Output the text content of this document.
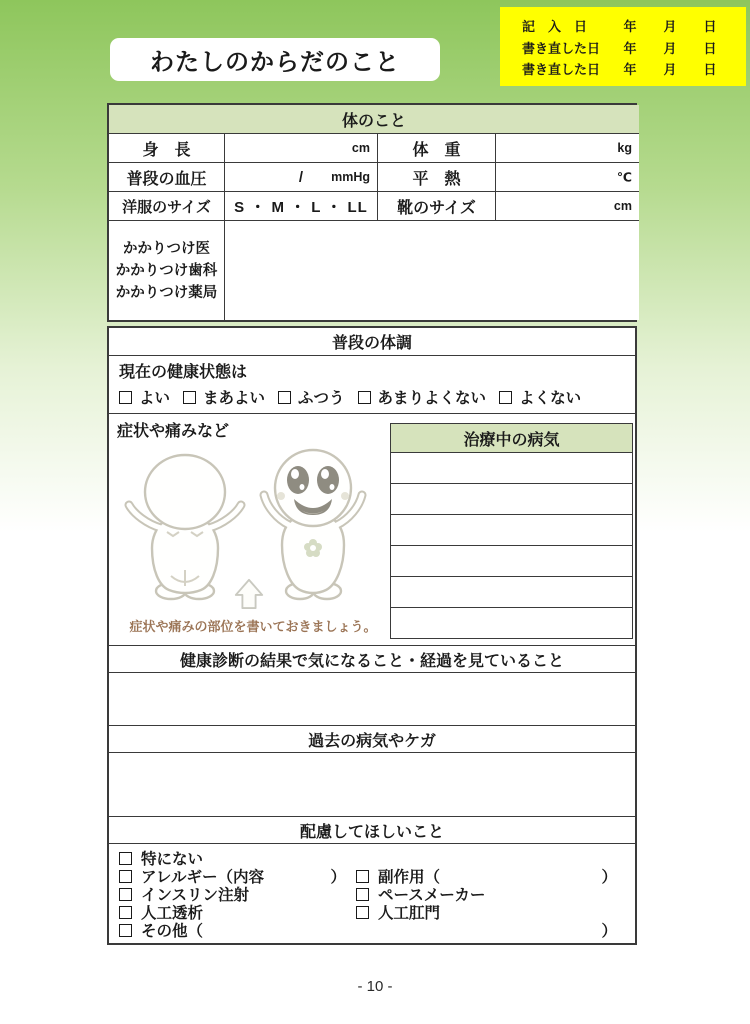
わたしのからだのこと
記　入　日	年	月	日
書き直した日	年	月	日
書き直した日	年	月	日
体のこと
身　長	cm	体　重	kg
普段の血圧	/	mmHg	平　熱	℃
洋服のサイズ	S ・ M ・ L ・ LL	靴のサイズ	cm
かかりつけ医
かかりつけ歯科
かかりつけ薬局
普段の体調
現在の健康状態は
よい まあよい ふつう あまりよくない よくない
症状や痛みなど
症状や痛みの部位を書いておきましょう。
治療中の病気
健康診断の結果で気になること・経過を見ていること
過去の病気やケガ
配慮してほしいこと
特にない
アレルギー（内容	） 副作用（	）
インスリン注射	ペースメーカー
人工透析	人工肛門
その他（	）
- 10 -
